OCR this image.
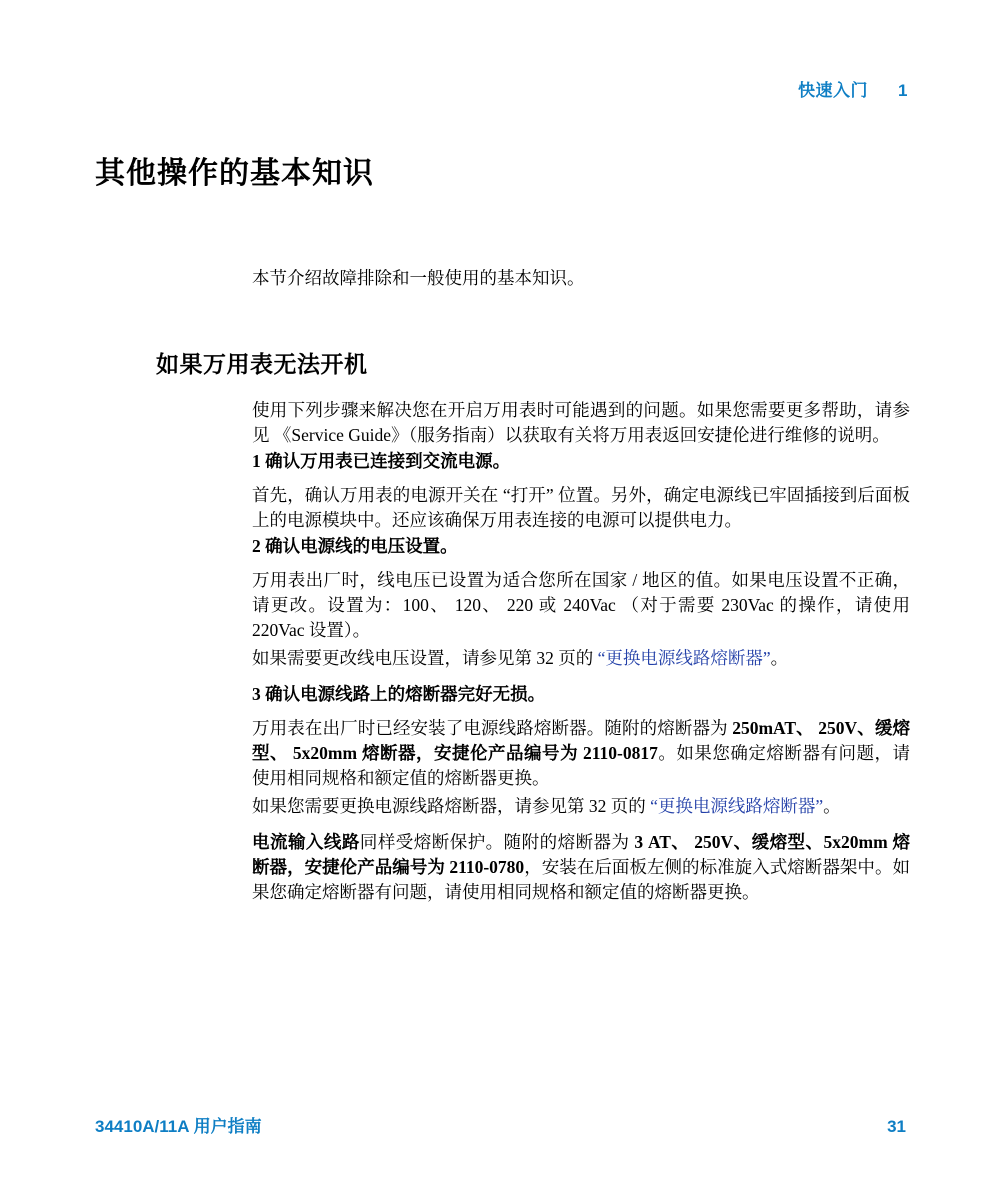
快速入门 1
其他操作的基本知识
本节介绍故障排除和一般使用的基本知识。
如果万用表无法开机

使用下列步骤来解决您在开启万用表时可能遇到的问题。如果您需要更多帮助，请参见 《Service Guide》（服务指南）以获取有关将万用表返回安捷伦进行维修的说明。

1 确认万用表已连接到交流电源。

首先，确认万用表的电源开关在 “打开” 位置。另外，确定电源线已牢固插接到后面板上的电源模块中。还应该确保万用表连接的电源可以提供电力。

2 确认电源线的电压设置。

万用表出厂时，线电压已设置为适合您所在国家 / 地区的值。如果电压设置不正确，请更改。设置为：100、 120、 220 或 240Vac （对于需要 230Vac 的操作，请使用 220Vac 设置）。

如果需要更改线电压设置，请参见第 32 页的 “更换电源线路熔断器”。

3 确认电源线路上的熔断器完好无损。

万用表在出厂时已经安装了电源线路熔断器。随附的熔断器为 250mAT、 250V、缓熔型、 5x20mm 熔断器，安捷伦产品编号为 2110-0817。如果您确定熔断器有问题，请使用相同规格和额定值的熔断器更换。

如果您需要更换电源线路熔断器，请参见第 32 页的 “更换电源线路熔断器”。

电流输入线路同样受熔断保护。随附的熔断器为 3 AT、 250V、缓熔型、5x20mm 熔断器，安捷伦产品编号为 2110-0780，安装在后面板左侧的标准旋入式熔断器架中。如果您确定熔断器有问题，请使用相同规格和额定值的熔断器更换。

34410A/11A 用户指南	31
